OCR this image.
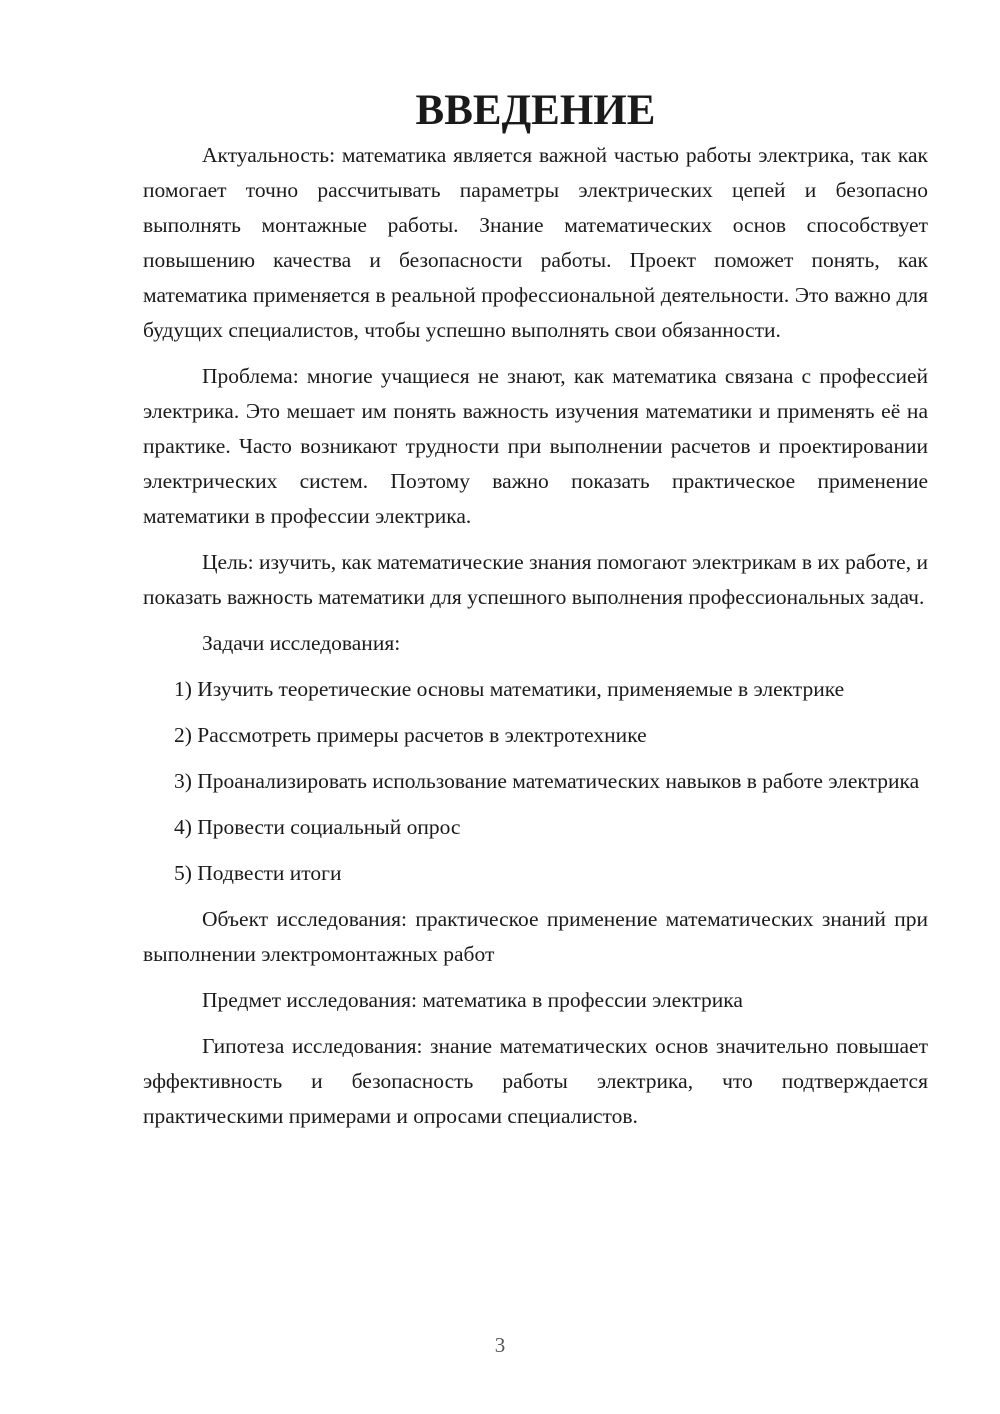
ВВЕДЕНИЕ

Актуальность: математика является важной частью работы электрика, так как помогает точно рассчитывать параметры электрических цепей и безопасно выполнять монтажные работы. Знание математических основ способствует повышению качества и безопасности работы. Проект поможет понять, как математика применяется в реальной профессиональной деятельности. Это важно для будущих специалистов, чтобы успешно выполнять свои обязанности.

Проблема: многие учащиеся не знают, как математика связана с профессией электрика. Это мешает им понять важность изучения математики и применять её на практике. Часто возникают трудности при выполнении расчетов и проектировании электрических систем. Поэтому важно показать практическое применение математики в профессии электрика.

Цель: изучить, как математические знания помогают электрикам в их работе, и показать важность математики для успешного выполнения профессиональных задач.

Задачи исследования:

1) Изучить теоретические основы математики, применяемые в электрике

2) Рассмотреть примеры расчетов в электротехнике

3) Проанализировать использование математических навыков в работе электрика

4) Провести социальный опрос

5) Подвести итоги

Объект исследования: практическое применение математических знаний при выполнении электромонтажных работ

Предмет исследования: математика в профессии электрика

Гипотеза исследования: знание математических основ значительно повышает эффективность и безопасность работы электрика, что подтверждается практическими примерами и опросами специалистов.

3
